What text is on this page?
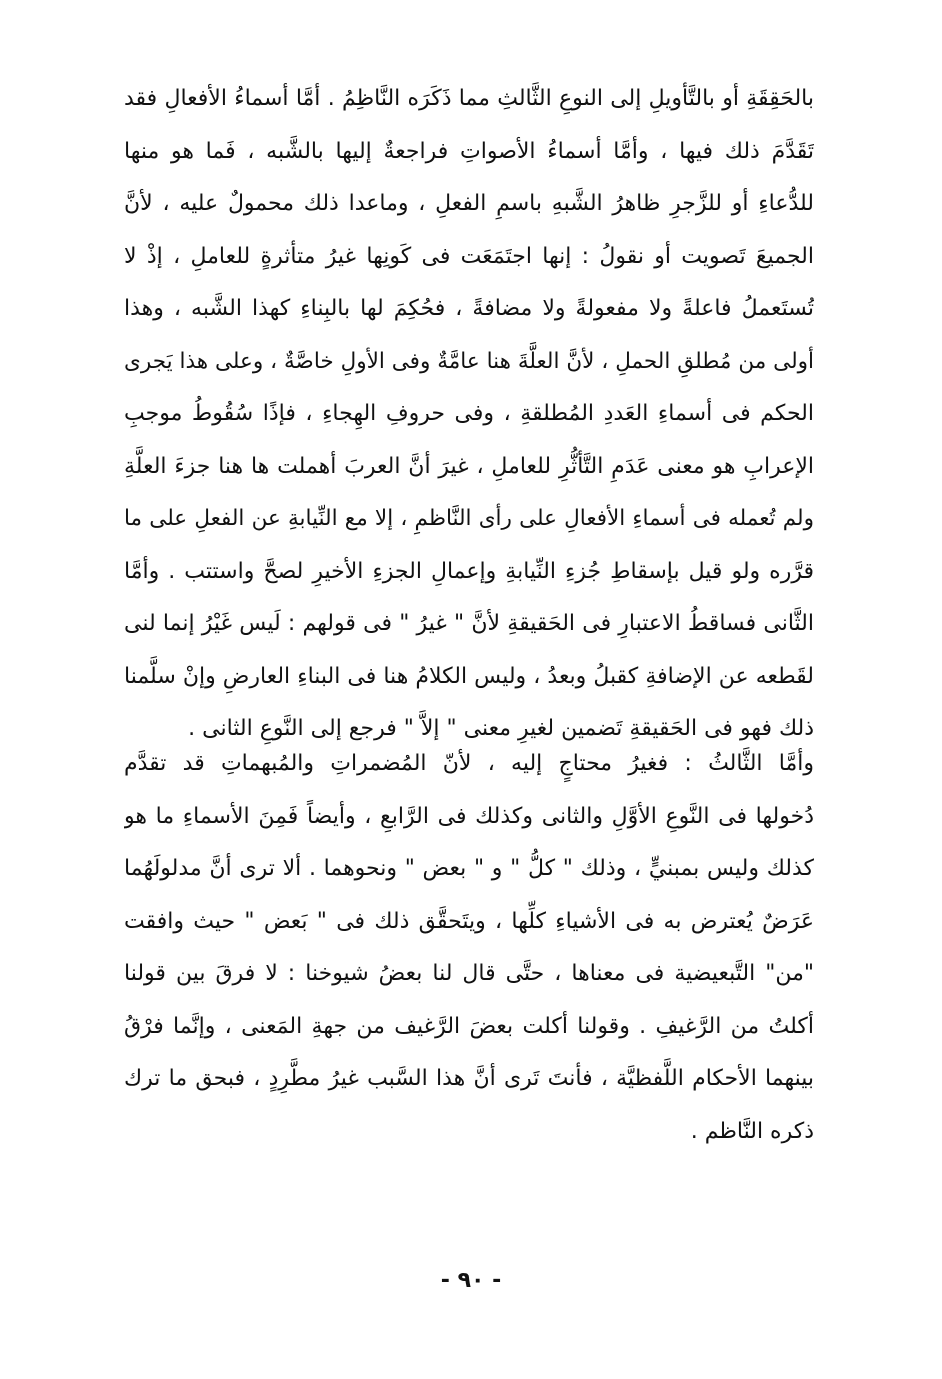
بالحَقِقَةِ أو بالتَّأويلِ إلى النوعِ الثَّالثِ مما ذَكَرَه النَّاظِمُ . أمَّا أسماءُ الأفعالِ فقد
تَقَدَّمَ ذلك فيها ، وأمَّا أسماءُ الأصواتِ فراجعةٌ إليها بالشَّبه ، فَما هو منها
للدُّعاءِ أو للزَّجرِ ظاهرُ الشَّبهِ باسمِ الفعلِ ، وماعدا ذلك محمولٌ عليه ، لأنَّ
الجميعَ تَصويت أو نقولُ : إنها اجتَمَعَت فى كَونِها غيرُ متأثرةٍ للعاملِ ، إذْ لا
تُستَعملُ فاعلةً ولا مفعولةً ولا مضافةً ، فحُكِمَ لها بالبِناءِ كهذا الشَّبه ، وهذا
أولى من مُطلقِ الحملِ ، لأنَّ العلَّةَ هنا عامَّةٌ وفى الأولِ خاصَّةٌ ، وعلى هذا يَجرى
الحكم فى أسماءِ العَددِ المُطلقةِ ، وفى حروفِ الهِجاءِ ، فإذًا سُقُوطُ موجبِ
الإعرابِ هو معنى عَدَمِ التَّأثُّرِ للعاملِ ، غيرَ أنَّ العربَ أهملت ها هنا جزءَ العلَّةِ
ولم تُعمله فى أسماءِ الأفعالِ على رأى النَّاظمِ ، إلا مع النِّيابةِ عن الفعلِ على ما
قرَّره ولو قيل بإسقاطِ جُزءِ النِّيابةِ وإعمالِ الجزءِ الأخيرِ لصحَّ واستتب . وأمَّا
الثَّانى فساقطُ الاعتبارِ فى الحَقيقةِ لأنَّ " غيرُ " فى قولهم : لَيس غَيْرُ إنما لنى
لقَطعه عن الإضافةِ كقبلُ وبعدُ ، وليس الكلامُ هنا فى البناءِ العارضِ وإنْ سلَّمنا
ذلك فهو فى الحَقيقةِ تَضمين لغيرِ معنى " إلاَّ " فرجع إلى النَّوعِ الثانى .
وأمَّا الثَّالثُ : فغيرُ محتاجٍ إليه ، لأنّ المُضمراتِ والمُبهماتِ قد تقدَّم
دُخولها فى النَّوعِ الأوَّلِ والثانى وكذلك فى الرَّابعِ ، وأيضاً فَمِنَ الأسماءِ ما هو
كذلك وليس بمبنيٍّ ، وذلك " كلُّ " و " بعض " ونحوهما . ألا ترى أنَّ مدلولَهُما
عَرَضٌ يُعترض به فى الأشياءِ كلِّها ، ويتَحقَّق ذلك فى " بَعض " حيث وافقت
"من" التَّبعيضية فى معناها ، حتَّى قال لنا بعضُ شيوخنا : لا فرقَ بين قولنا
أكلتُ من الرَّغيفِ . وقولنا أكلت بعضَ الرَّغيف من جهةِ المَعنى ، وإنَّما فرْقُ
بينهما الأحكام اللَّفظيَّة ، فأنتَ تَرى أنَّ هذا السَّبب غيرُ مطَّرِدٍ ، فبحق ما ترك
ذكره النَّاظم .
- ٩٠ -
